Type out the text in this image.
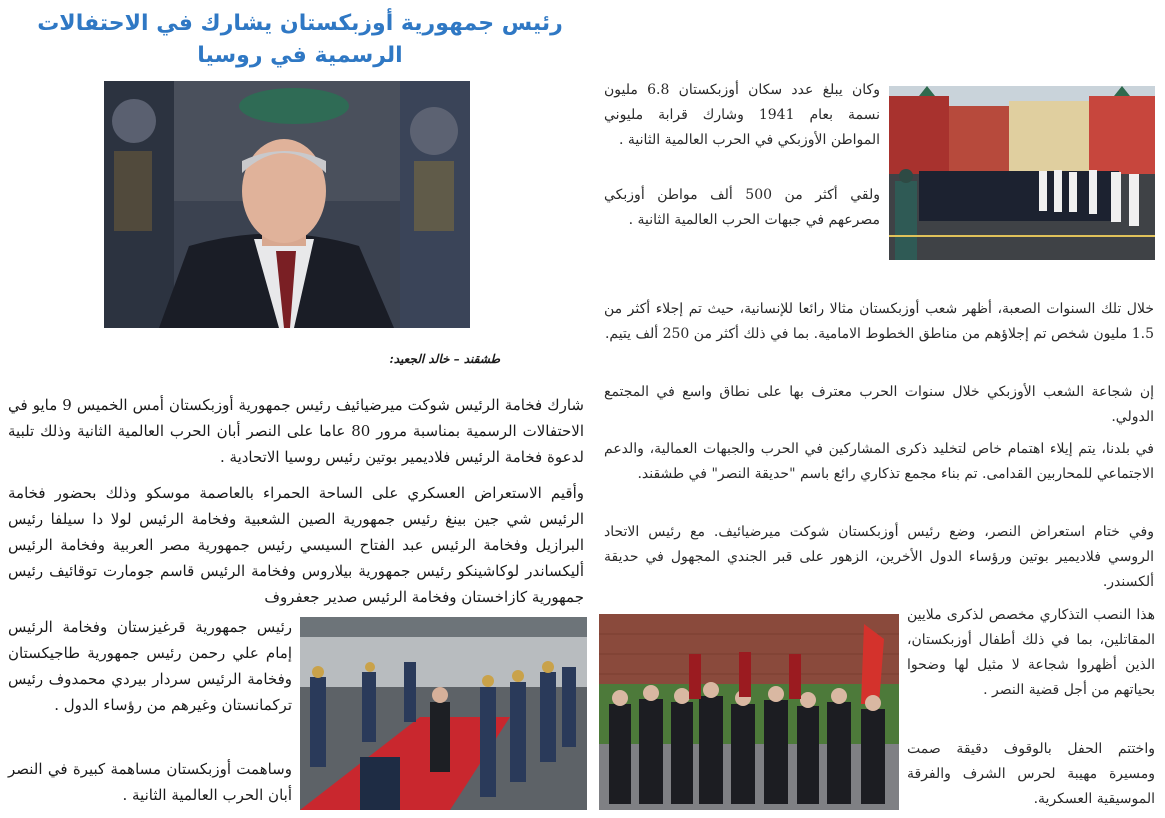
رئيس جمهورية أوزبكستان يشارك في الاحتفالات الرسمية في روسيا
طشقند – خالد الجعيد:

شارك فخامة الرئيس شوكت ميرضيائيف رئيس جمهورية أوزبكستان أمس الخميس 9 مايو في الاحتفالات الرسمية بمناسبة مرور 80 عاما على النصر أبان الحرب العالمية الثانية وذلك تلبية لدعوة فخامة الرئيس فلاديمير بوتين رئيس روسيا الاتحادية .

وأقيم الاستعراض العسكري على الساحة الحمراء بالعاصمة موسكو وذلك بحضور فخامة الرئيس شي جين بينغ رئيس جمهورية الصين الشعبية وفخامة الرئيس لولا دا سيلفا رئيس البرازيل وفخامة الرئيس عبد الفتاح السيسي رئيس جمهورية مصر العربية وفخامة الرئيس أليكساندر لوكاشينكو رئيس جمهورية بيلاروس وفخامة الرئيس قاسم جومارت توقائيف رئيس جمهورية كازاخستان وفخامة الرئيس صدير جعفروف

رئيس جمهورية قرغيزستان وفخامة الرئيس إمام علي رحمن رئيس جمهورية طاجيكستان وفخامة الرئيس سردار بيردي محمدوف رئيس تركمانستان وغيرهم من رؤساء الدول .

وساهمت أوزبكستان مساهمة كبيرة في النصر أبان الحرب العالمية الثانية .

وكان يبلغ عدد سكان أوزبكستان 6.8 مليون نسمة بعام 1941 وشارك قرابة مليوني المواطن الأوزبكي في الحرب العالمية الثانية .

ولقي أكثر من 500 ألف مواطن أوزبكي مصرعهم في جبهات الحرب العالمية الثانية .

خلال تلك السنوات الصعبة، أظهر شعب أوزبكستان مثالا رائعا للإنسانية، حيث تم إجلاء أكثر من 1.5 مليون شخص تم إجلاؤهم من مناطق الخطوط الامامية. بما في ذلك أكثر من 250 ألف يتيم.

إن شجاعة الشعب الأوزبكي خلال سنوات الحرب معترف بها على نطاق واسع في المجتمع الدولي.

في بلدنا، يتم إيلاء اهتمام خاص لتخليد ذكرى المشاركين في الحرب والجبهات العمالية، والدعم الاجتماعي للمحاربين القدامى. تم بناء مجمع تذكاري رائع باسم "حديقة النصر" في طشقند.

وفي ختام استعراض النصر، وضع رئيس أوزبكستان شوكت ميرضيائيف. مع رئيس الاتحاد الروسي فلاديمير بوتين ورؤساء الدول الأخرين، الزهور على قبر الجندي المجهول في حديقة ألكسندر.

هذا النصب التذكاري مخصص لذكرى ملايين المقاتلين، بما في ذلك أطفال أوزبكستان، الذين أظهروا شجاعة لا مثيل لها وضحوا بحياتهم من أجل قضية النصر .

واختتم الحفل بالوقوف دقيقة صمت ومسيرة مهيبة لحرس الشرف والفرقة الموسيقية العسكرية.
